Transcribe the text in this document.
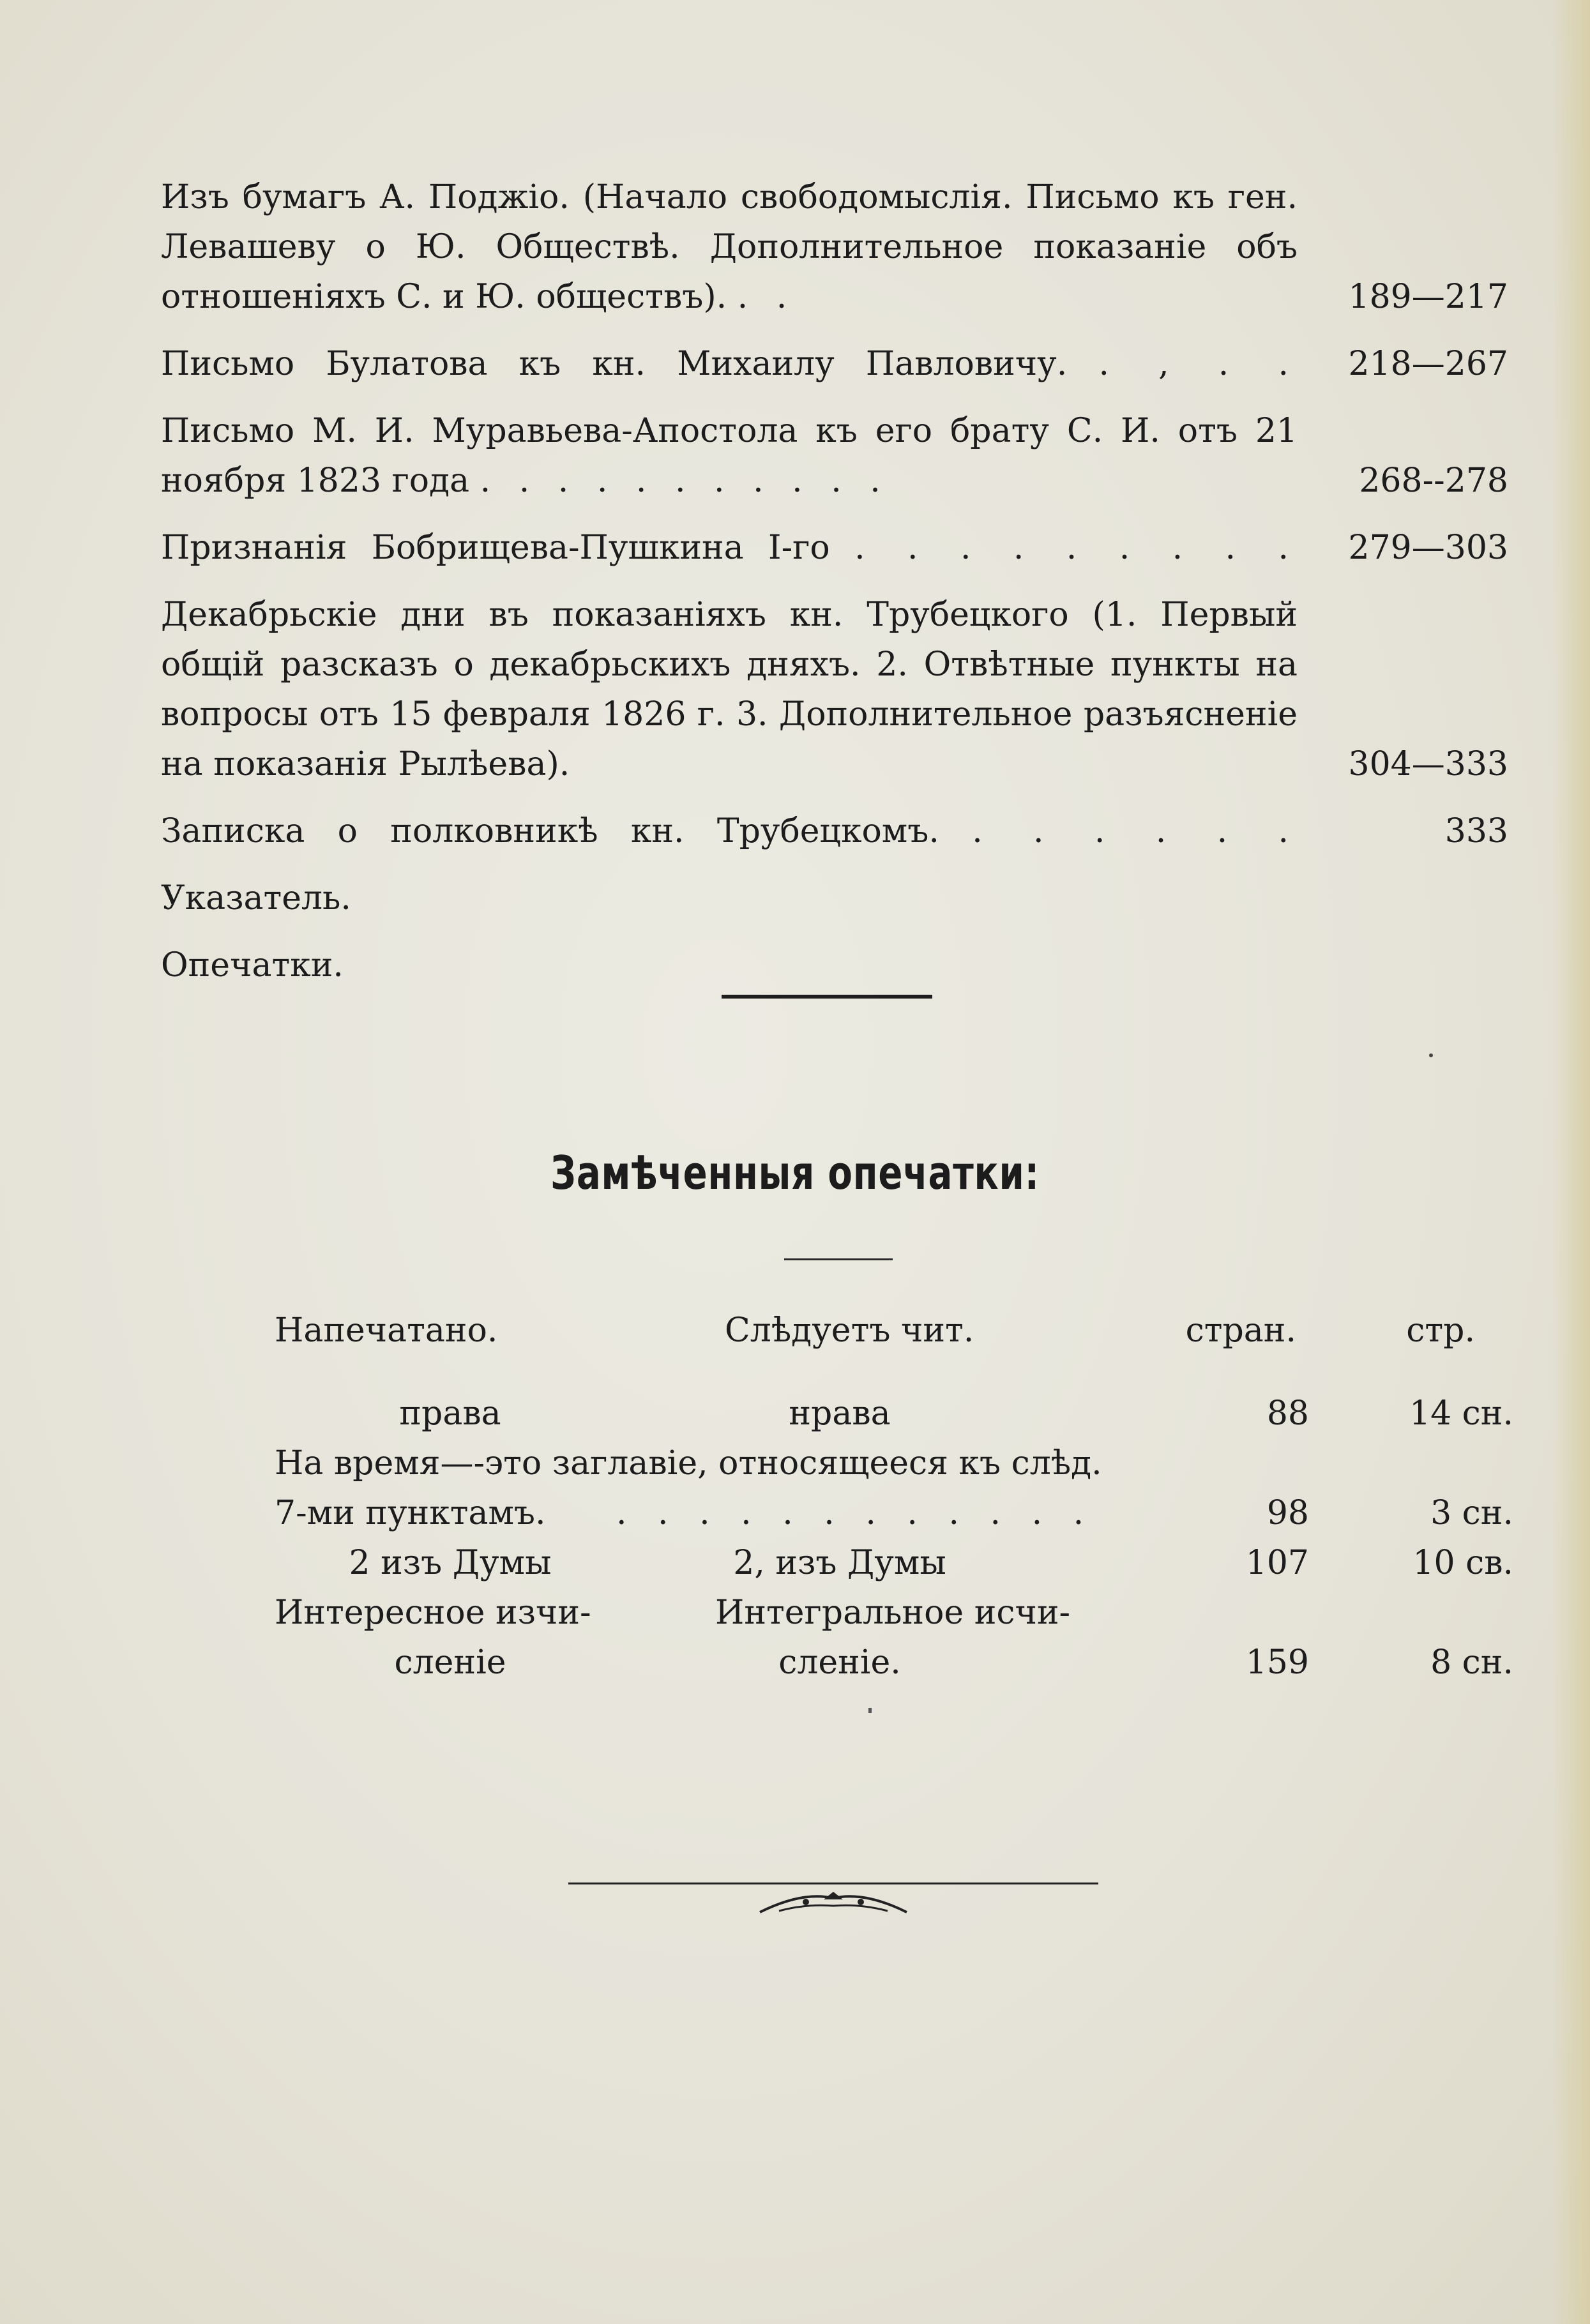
Изъ бумагъ А. Поджіо. (Начало свободомыслія. Письмо къ ген. Левашеву о Ю. Обществѣ. Дополнительное показаніе объ отношеніяхъ С. и Ю. обществъ). . .	189—217
Письмо Булатова къ кн. Михаилу Павловичу. . , . .	218—267
Письмо М. И. Муравьева-Апостола къ его брату С. И. отъ 21 ноября 1823 года . . . . . . . . . . .	268--278
Признанія Бобрищева-Пушкина I-го . . . . . . . . .	279—303
Декабрьскіе дни въ показаніяхъ кн. Трубецкого (1. Первый общій разсказъ о декабрьскихъ дняхъ. 2. Отвѣтные пункты на вопросы отъ 15 февраля 1826 г. 3. Дополнительное разъясненіе на показанія Рылѣева).	304—333
Записка о полковникѣ кн. Трубецкомъ. . . . . . .	333
Указатель.
Опечатки.
Замѣченныя опечатки:
Напечатано.	Слѣдуетъ чит.	стран.	стр.
права	нрава	88	14 сн.
На время—-это заглавіе, относящееся къ слѣд.
7-ми пунктамъ. . . . . . . . . . . . .	98	3 сн.
2 изъ Думы	2, изъ Думы	107	10 св.
Интересное изчи-	Интегральное исчи-
сленіе	сленіе.	159	8 сн.
